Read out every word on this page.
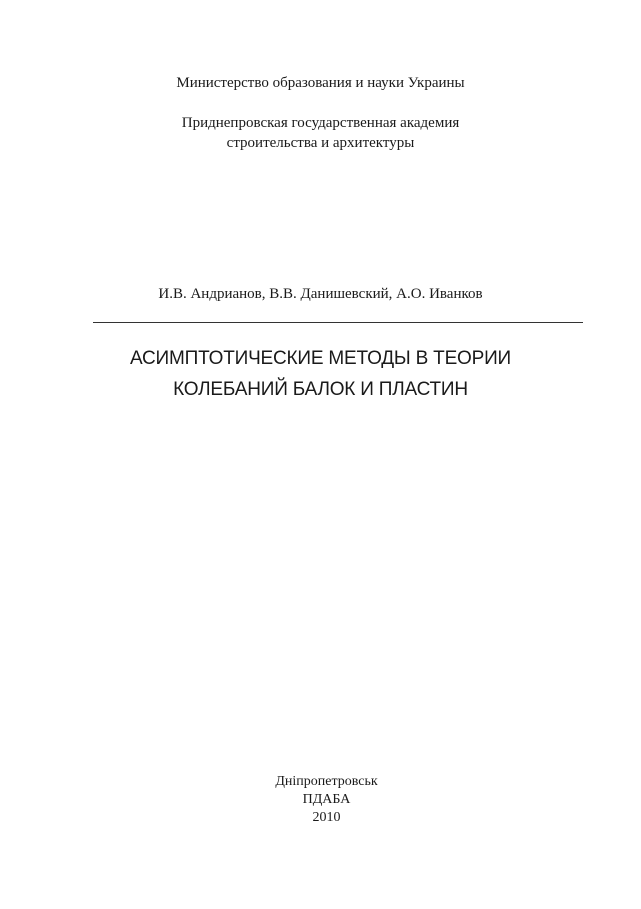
Министерство образования и науки Украины
Приднепровская государственная академия
строительства и архитектуры
И.В. Андрианов, В.В. Данишевский, А.О. Иванков
АСИМПТОТИЧЕСКИЕ МЕТОДЫ В ТЕОРИИ
КОЛЕБАНИЙ БАЛОК И ПЛАСТИН
Дніпропетровськ
ПДАБА
2010
